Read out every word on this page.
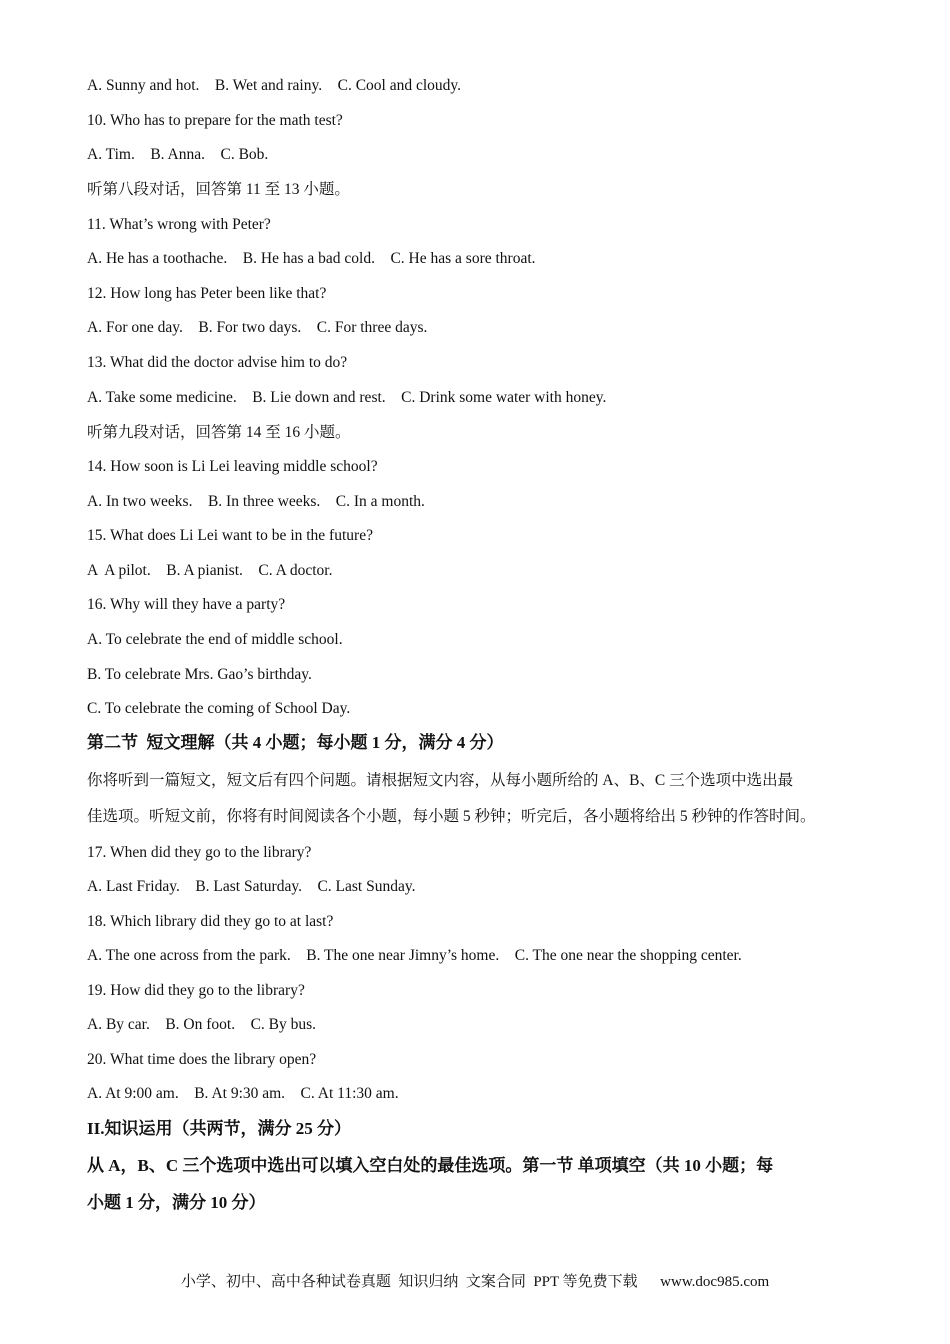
A. Sunny and hot.    B. Wet and rainy.    C. Cool and cloudy.
10. Who has to prepare for the math test?
A. Tim.    B. Anna.    C. Bob.
听第八段对话，回答第 11 至 13 小题。
11. What’s wrong with Peter?
A. He has a toothache.    B. He has a bad cold.    C. He has a sore throat.
12. How long has Peter been like that?
A. For one day.    B. For two days.    C. For three days.
13. What did the doctor advise him to do?
A. Take some medicine.    B. Lie down and rest.    C. Drink some water with honey.
听第九段对话，回答第 14 至 16 小题。
14. How soon is Li Lei leaving middle school?
A. In two weeks.    B. In three weeks.    C. In a month.
15. What does Li Lei want to be in the future?
A  A pilot.    B. A pianist.    C. A doctor.
16. Why will they have a party?
A. To celebrate the end of middle school.
B. To celebrate Mrs. Gao’s birthday.
C. To celebrate the coming of School Day.
第二节  短文理解（共 4 小题；每小题 1 分，满分 4 分）
你将听到一篇短文，短文后有四个问题。请根据短文内容，从每小题所给的 A、B、C 三个选项中选出最
佳选项。听短文前，你将有时间阅读各个小题，每小题 5 秒钟；听完后，各小题将给出 5 秒钟的作答时间。
17. When did they go to the library?
A. Last Friday.    B. Last Saturday.    C. Last Sunday.
18. Which library did they go to at last?
A. The one across from the park.    B. The one near Jimny’s home.    C. The one near the shopping center.
19. How did they go to the library?
A. By car.    B. On foot.    C. By bus.
20. What time does the library open?
A. At 9:00 am.    B. At 9:30 am.    C. At 11:30 am.
II.知识运用（共两节，满分 25 分）
从 A，B、C 三个选项中选出可以填入空白处的最佳选项。第一节 单项填空（共 10 小题；每
小题 1 分，满分 10 分）
小学、初中、高中各种试卷真题  知识归纳  文案合同  PPT 等免费下载      www.doc985.com
